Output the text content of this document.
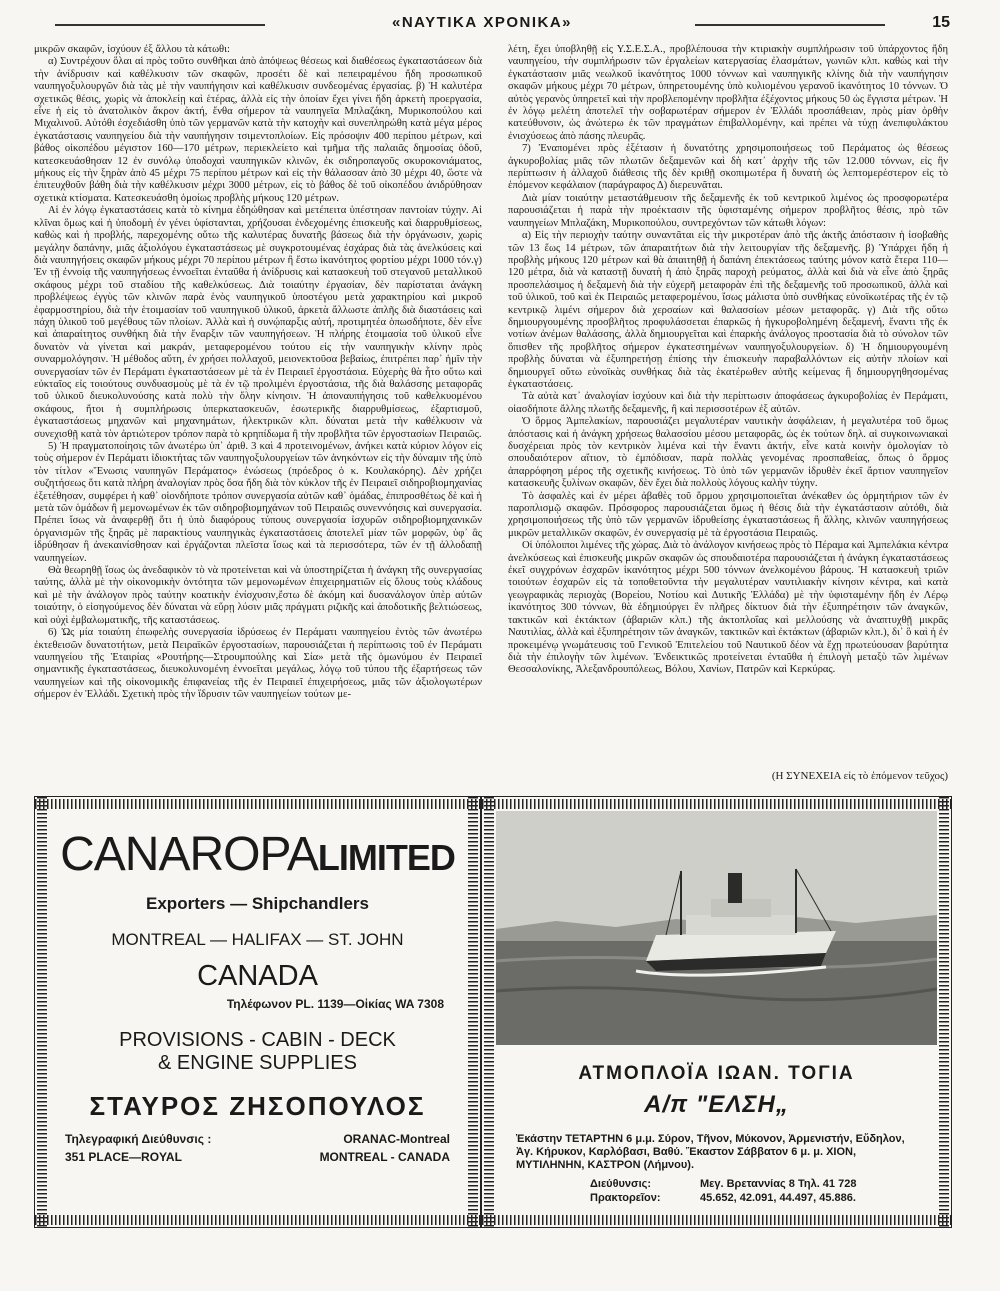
«ΝΑΥΤΙΚΑ ΧΡΟΝΙΚΑ»	15

μικρῶν σκαφῶν, ἰσχύουν ἐξ ἄλλου τὰ κάτωθι:

α) Συντρέχουν ὅλαι αἱ πρὸς τοῦτο συνθῆκαι ἀπὸ ἀπόψεως θέσεως καὶ διαθέσεως ἐγκαταστάσεων διὰ τὴν ἀνίδρυσιν καὶ καθέλκυσιν τῶν σκαφῶν, προσέτι δὲ καὶ πεπειραμένου ἤδη προσωπικοῦ ναυπηγοξυλουργῶν διὰ τὰς μὲ τὴν ναυπήγησιν καὶ καθέλκυσιν συνδεομένας ἐργασίας. β) Ἡ καλυτέρα σχετικῶς θέσις, χωρὶς νὰ ἀποκλείῃ καὶ ἑτέρας, ἀλλὰ εἰς τὴν ὁποίαν ἔχει γίνει ἤδη ἀρκετὴ προεργασία, εἶνε ἡ εἰς τὸ ἀνατολικὸν ἄκρον ἀκτή, ἔνθα σήμερον τὰ ναυπηγεῖα Μπλαζάκη, Μυρικοπούλου καὶ Μιχαλινοῦ. Αὐτόθι ἐσχεδιάσθη ὑπὸ τῶν γερμανῶν κατὰ τὴν κατοχὴν καὶ συνεπληρώθη κατὰ μέγα μέρος ἐγκατάστασις ναυπηγείου διὰ τὴν ναυπήγησιν τσιμεντοπλοίων. Εἰς πρόσοψιν 400 περίπου μέτρων, καὶ βάθος οἰκοπέδου μέγιστον 160—170 μέτρων, περιεκλείετο καὶ τμῆμα τῆς παλαιᾶς δημοσίας ὁδοῦ, κατεσκευάσθησαν 12 ἐν συνόλῳ ὑποδοχαὶ ναυπηγικῶν κλινῶν, ἐκ σιδηροπαγοῦς σκυροκονιάματος, μήκους εἰς τὴν ξηρὰν ἀπὸ 45 μέχρι 75 περίπου μέτρων καὶ εἰς τὴν θάλασσαν ἀπὸ 30 μέχρι 40, ὥστε νὰ ἐπιτευχθοῦν βάθη διὰ τὴν καθέλκυσιν μέχρι 3000 μέτρων, εἰς τὸ βάθος δὲ τοῦ οἰκοπέδου ἀνιδρύθησαν σχετικὰ κτίσματα. Κατεσκευάσθη ὁμοίως προβλὴς μήκους 120 μέτρων.

Αἱ ἐν λόγῳ ἐγκαταστάσεις κατὰ τὸ κίνημα ἐδηώθησαν καὶ μετέπειτα ὑπέστησαν παντοίαν τύχην. Αἱ κλῖναι ὅμως καὶ ἡ ὑποδομὴ ἐν γένει ὑφίστανται, χρήζουσαι ἐνδεχομένης ἐπισκευῆς καὶ διαρρυθμίσεως, καθὼς καὶ ἡ προβλής, παρεχομένης οὕτω τῆς καλυτέρας δυνατῆς βάσεως διὰ τὴν ὀργάνωσιν, χωρὶς μεγάλην δαπάνην, μιᾶς ἀξιολόγου ἐγκαταστάσεως μὲ συγκροτουμένας ἐσχάρας διὰ τὰς ἀνελκύσεις καὶ διὰ ναυπηγήσεις σκαφῶν μήκους μέχρι 70 περίπου μέτρων ἢ ἔστω ἱκανότητος φορτίου μέχρι 1000 τόν.γ) Ἐν τῇ ἐννοίᾳ τῆς ναυπηγήσεως ἐννοεῖται ἐνταῦθα ἡ ἀνίδρυσις καὶ κατασκευὴ τοῦ στεγανοῦ μεταλλικοῦ σκάφους μέχρι τοῦ σταδίου τῆς καθελκύσεως. Διὰ τοιαύτην ἐργασίαν, δὲν παρίσταται ἀνάγκη προβλέψεως ἐγγὺς τῶν κλινῶν παρὰ ἑνὸς ναυπηγικοῦ ὑποστέγου μετὰ χαρακτηρίου καὶ μικροῦ ἐφαρμοστηρίου, διὰ τὴν ἑτοιμασίαν τοῦ ναυπηγικοῦ ὑλικοῦ, ἀρκετὰ ἄλλωστε ἁπλῆς διὰ διαστάσεις καὶ πάχη ὑλικοῦ τοῦ μεγέθους τῶν πλοίων. Ἀλλὰ καὶ ἡ συνῴπαρξις αὐτή, προτιμητέα ὁπωσδήποτε, δὲν εἶνε καὶ ἀπαραίτητος συνθήκη διὰ τὴν ἔναρξιν τῶν ναυπηγήσεων. Ἡ πλήρης ἑτοιμασία τοῦ ὑλικοῦ εἶνε δυνατὸν νὰ γίνεται καὶ μακράν, μεταφερομένου τούτου εἰς τὴν ναυπηγικὴν κλίνην πρὸς συναρμολόγησιν. Ἡ μέθοδος αὕτη, ἐν χρήσει πολλαχοῦ, μειονεκτοῦσα βεβαίως, ἐπιτρέπει παρ᾽ ἡμῖν τὴν συνεργασίαν τῶν ἐν Περάματι ἐγκαταστάσεων μὲ τὰ ἐν Πειραιεῖ ἐργοστάσια. Εὐχερὴς θὰ ἦτο οὕτω καὶ εὐκταῖος εἰς τοιούτους συνδυασμοὺς μὲ τὰ ἐν τῷ προλιμένι ἐργοστάσια, τῆς διὰ θαλάσσης μεταφορᾶς τοῦ ὑλικοῦ διευκολυνούσης κατὰ πολὺ τὴν ὅλην κίνησιν. Ἡ ἀποναυπήγησις τοῦ καθελκυομένου σκάφους, ἤτοι ἡ συμπλήρωσις ὑπερκατασκευῶν, ἐσωτερικῆς διαρρυθμίσεως, ἐξαρτισμοῦ, ἐγκαταστάσεως μηχανῶν καὶ μηχανημάτων, ἠλεκτρικῶν κλπ. δύναται μετὰ τὴν καθέλκυσιν νὰ συνεχισθῇ κατὰ τὸν ἀρτιώτερον τρόπον παρὰ τὸ κρηπίδωμα ἢ τὴν προβλῆτα τῶν ἐργοστασίων Πειραιῶς.

5) Ἡ πραγματοποίησις τῶν ἀνωτέρω ὑπ᾽ ἀριθ. 3 καὶ 4 προτεινομένων, ἀνήκει κατὰ κύριον λόγον εἰς τοὺς σήμερον ἐν Περάματι ἰδιοκτήτας τῶν ναυπηγοξυλουργείων τῶν ἀνηκόντων εἰς τὴν δύναμιν τῆς ὑπὸ τὸν τίτλον «Ἕνωσις ναυπηγῶν Περάματος» ἑνώσεως (πρόεδρος ὁ κ. Κουλακόρης). Δὲν χρήζει συζητήσεως ὅτι κατὰ πλήρη ἀναλογίαν πρὸς ὅσα ἤδη διὰ τὸν κύκλον τῆς ἐν Πειραιεῖ σιδηροβιομηχανίας ἐξετέθησαν, συμφέρει ἡ καθ᾽ οἱονδήποτε τρόπον συνεργασία αὐτῶν καθ᾽ ὁμάδας, ἐπιπροσθέτως δὲ καὶ ἡ μετὰ τῶν ὁμάδων ἢ μεμονωμένων ἐκ τῶν σιδηροβιομηχάνων τοῦ Πειραιῶς συνεννόησις καὶ συνεργασία. Πρέπει ἴσως νὰ ἀναφερθῇ ὅτι ἡ ὑπὸ διαφόρους τύπους συνεργασία ἰσχυρῶν σιδηροβιομηχανικῶν ὀργανισμῶν τῆς ξηρᾶς μὲ παρακτίους ναυπηγικὰς ἐγκαταστάσεις ἀποτελεῖ μίαν τῶν μορφῶν, ὑφ᾽ ἃς ἱδρύθησαν ἢ ἀνεκαινίσθησαν καὶ ἐργάζονται πλεῖστα ἴσως καὶ τὰ περισσότερα, τῶν ἐν τῇ ἀλλοδαπῇ ναυπηγείων.

Θὰ θεωρηθῇ ἴσως ὡς ἀνεδαφικὸν τὸ νὰ προτείνεται καὶ νὰ ὑποστηρίζεται ἡ ἀνάγκη τῆς συνεργασίας ταύτης, ἀλλὰ μὲ τὴν οἰκονομικὴν ὀντότητα τῶν μεμονωμένων ἐπιχειρηματιῶν εἰς ὅλους τοὺς κλάδους καὶ μὲ τὴν ἀνάλογον πρὸς ταύτην κοατικὴν ἐνίσχυσιν,ἔστω δὲ ἀκόμη καὶ δυσανάλογον ὑπὲρ αὐτῶν τοιαύτην, ὁ εἰσηγούμενος δὲν δύναται νὰ εὕρῃ λύσιν μιᾶς πράγματι ριζικῆς καὶ ἀποδοτικῆς βελτιώσεως, καὶ οὐχὶ ἐμβαλωματικῆς, τῆς καταστάσεως.

6) Ὡς μία τοιαύτη ἐπωφελὴς συνεργασία ἱδρύσεως ἐν Περάματι ναυπηγείου ἐντὸς τῶν ἀνωτέρω ἐκτεθεισῶν δυνατοτήτων, μετὰ Πειραϊκῶν ἐργοστασίων, παρουσιάζεται ἡ περίπτωσις τοῦ ἐν Περάματι ναυπηγείου τῆς Ἑταιρίας «Ρουτήρης—Στρουμπούλης καὶ Σία» μετὰ τῆς ὁμωνύμου ἐν Πειραιεῖ σημαντικῆς ἐγκαταστάσεως, διευκολυνομένη ἐννοεῖται μεγάλως, λόγῳ τοῦ τύπου τῆς ἐξαρτήσεως τῶν ναυπηγείων καὶ τῆς οἰκονομικῆς ἐπιφανείας τῆς ἐν Πειραιεῖ ἐπιχειρήσεως, μιᾶς τῶν ἀξιολογωτέρων σήμερον ἐν Ἑλλάδι. Σχετικὴ πρὸς τὴν ἵδρυσιν τῶν ναυπηγείων τούτων με-

λέτη, ἔχει ὑποβληθῇ εἰς Υ.Σ.Ε.Σ.Α., προβλέπουσα τὴν κτιριακὴν συμπλήρωσιν τοῦ ὑπάρχοντος ἤδη ναυπηγείου, τὴν συμπλήρωσιν τῶν ἐργαλείων κατεργασίας ἐλασμάτων, γωνιῶν κλπ. καθὼς καὶ τὴν ἐγκατάστασιν μιᾶς νεωλκοῦ ἱκανότητος 1000 τόννων καὶ ναυπηγικῆς κλίνης διὰ τὴν ναυπήγησιν σκαφῶν μήκους μέχρι 70 μέτρων, ὑπηρετουμένης ὑπὸ κυλιομένου γερανοῦ ἱκανότητος 10 τόννων. Ὁ αὐτὸς γερανὸς ὑπηρετεῖ καὶ τὴν προβλεπομένην προβλῆτα ἐξέχοντος μήκους 50 ὡς ἔγγιστα μέτρων. Ἡ ἐν λόγῳ μελέτη ἀποτελεῖ τὴν σοβαρωτέραν σήμερον ἐν Ἑλλάδι προσπάθειαν, πρὸς μίαν ὀρθὴν κατεύθυνσιν, ὡς ἀνώτερω ἐκ τῶν πραγμάτων ἐπιβαλλομένην, καὶ πρέπει νὰ τύχῃ ἀνεπιφυλάκτου ἐνισχύσεως ἀπὸ πάσης πλευρᾶς.

7) Ἐναπομένει πρὸς ἐξέτασιν ἡ δυνατότης χρησιμοποιήσεως τοῦ Περάματος ὡς θέσεως ἀγκυροβολίας μιᾶς τῶν πλωτῶν δεξαμενῶν καὶ δὴ κατ᾽ ἀρχὴν τῆς τῶν 12.000 τόννων, εἰς ἣν περίπτωσιν ἡ ἀλλαχοῦ διάθεσις τῆς δὲν κριθῇ σκοπιμωτέρα ἢ δυνατὴ ὡς λεπτομερέστερον εἰς τὸ ἑπόμενον κεφάλαιον (παράγραφος Δ) διερευνᾶται.

Διὰ μίαν τοιαύτην μεταστάθμευσιν τῆς δεξαμενῆς ἐκ τοῦ κεντρικοῦ λιμένος ὡς προσφορωτέρα παρουσιάζεται ἡ παρὰ τὴν προέκτασιν τῆς ὑφισταμένης σήμερον προβλῆτος θέσις, πρὸ τῶν ναυπηγείων Μπλαζάκη, Μυρικοπούλου, συντρεχόντων τῶν κάτωθι λόγων:

α) Εἰς τὴν περιοχὴν ταύτην συναντᾶται εἰς τὴν μικροτέραν ἀπὸ τῆς ἀκτῆς ἀπόστασιν ἡ ἰσοβαθὴς τῶν 13 ἕως 14 μέτρων, τῶν ἀπαραιτήτων διὰ τὴν λειτουργίαν τῆς δεξαμενῆς. β) Ὑπάρχει ἤδη ἡ προβλὴς μήκους 120 μέτρων καὶ θὰ ἀπαιτηθῇ ἡ δαπάνη ἐπεκτάσεως ταύτης μόνον κατὰ ἕτερα 110—120 μέτρα, διὰ νὰ καταστῇ δυνατὴ ἡ ἀπὸ ξηρᾶς παροχὴ ρεύματος, ἀλλὰ καὶ διὰ νὰ εἶνε ἀπὸ ξηρᾶς προσπελάσιμος ἡ δεξαμενὴ διὰ τὴν εὐχερῆ μεταφορὰν ἐπὶ τῆς δεξαμενῆς τοῦ προσωπικοῦ, ἀλλὰ καὶ τοῦ ὑλικοῦ, τοῦ καὶ ἐκ Πειραιῶς μεταφερομένου, ἴσως μάλιστα ὑπὸ συνθήκας εὐνοϊκωτέρας τῆς ἐν τῷ κεντρικῷ λιμένι σήμερον διὰ χερσαίων καὶ θαλασσίων μέσων μεταφορᾶς. γ) Διὰ τῆς οὕτω δημιουργουμένης προσβλῆτος προφυλάσσεται ἐπαρκῶς ἡ ἠγκυροβολημένη δεξαμενή, ἔναντι τῆς ἐκ νοτίων ἀνέμων θαλάσσης, ἀλλὰ δημιουργεῖται καὶ ἐπαρκὴς ἀνάλογος προστασία διὰ τὸ σύνολον τῶν ὅπισθεν τῆς προβλῆτος σήμερον ἐγκατεστημένων ναυπηγοξυλουργείων. δ) Ἡ δημιουργουμένη προβλὴς δύναται νὰ ἐξυπηρετήσῃ ἐπίσης τὴν ἐπισκευὴν παραβαλλόντων εἰς αὐτὴν πλοίων καὶ δημιουργεῖ οὕτω εὐνοϊκὰς συνθήκας διὰ τὰς ἑκατέρωθεν αὐτῆς κείμενας ἢ δημιουργηθησομένας ἐγκαταστάσεις.

Τὰ αὐτὰ κατ᾽ ἀναλογίαν ἰσχύουν καὶ διὰ τὴν περίπτωσιν ἀποφάσεως ἀγκυροβολίας ἐν Περάματι, οἱασδήποτε ἄλλης πλωτῆς δεξαμενῆς, ἢ καὶ περισσοτέρων ἐξ αὐτῶν.

Ὁ ὅρμος Ἀμπελακίων, παρουσιάζει μεγαλυτέραν ναυτικὴν ἀσφάλειαν, ἡ μεγαλυτέρα τοῦ ὅμως ἀπόστασις καὶ ἡ ἀνάγκη χρήσεως θαλασσίου μέσου μεταφορᾶς, ὡς ἐκ τούτων δηλ. αἱ συγκοινωνιακαὶ δυσχέρειαι πρὸς τὸν κεντρικὸν λιμένα καὶ τὴν ἔναντι ἀκτήν, εἶνε κατὰ κοινὴν ὁμολογίαν τὸ σπουδαιότερον αἴτιον, τὸ ἐμπόδισαν, παρὰ πολλὰς γενομένας προσπαθείας, ὅπως ὁ ὅρμος ἀπαρρόφηση μέρος τῆς σχετικῆς κινήσεως. Τὸ ὑπὸ τῶν γερμανῶν ἱδρυθὲν ἐκεῖ ἄρτιον ναυπηγεῖον κατασκευῆς ξυλίνων σκαφῶν, δὲν ἔχει διὰ πολλοὺς λόγους καλὴν τύχην.

Τὸ ἀσφαλὲς καὶ ἐν μέρει ἀβαθὲς τοῦ ὅρμου χρησιμοποιεῖται ἀνέκαθεν ὡς ὁρμητήριον τῶν ἐν παροπλισμῷ σκαφῶν. Πρόσφορος παρουσιάζεται ὅμως ἡ θέσις διὰ τὴν ἐγκατάστασιν αὐτόθι, διὰ χρησιμοποιήσεως τῆς ὑπὸ τῶν γερμανῶν ἱδρυθείσης ἐγκαταστάσεως ἢ ἄλλης, κλινῶν ναυπηγήσεως μικρῶν μεταλλικῶν σκαφῶν, ἐν συνεργασίᾳ μὲ τὰ ἐργοστάσια Πειραιῶς.

Οἱ ὑπόλοιποι λιμένες τῆς χώρας. Διὰ τὸ ἀνάλογον κινήσεως πρὸς τὸ Πέραμα καὶ Ἀμπελάκια κέντρα ἀνελκύσεως καὶ ἐπισκευῆς μικρῶν σκαφῶν ὡς σπουδαιοτέρα παρουσιάζεται ἡ ἀνάγκη ἐγκαταστάσεως ἐκεῖ συγχρόνων ἐσχαρῶν ἱκανότητος μέχρι 500 τόννων ἀνελκομένου βάρους. Ἡ κατασκευὴ τριῶν τοιούτων ἐσχαρῶν εἰς τὰ τοποθετοῦντα τὴν μεγαλυτέραν ναυτιλιακὴν κίνησιν κέντρα, καὶ κατὰ γεωγραφικὰς περιοχὰς (Βορείου, Νοτίου καὶ Δυτικῆς Ἑλλάδα) μὲ τὴν ὑφισταμένην ἤδη ἐν Λέρῳ ἱκανότητος 300 τόννων, θὰ ἐδημιούργει ἓν πλῆρες δίκτυον διὰ τὴν ἐξυπηρέτησιν τῶν ἀναγκῶν, τακτικῶν καὶ ἐκτάκτων (ἀβαριῶν κλπ.) τῆς ἀκτοπλοΐας καὶ μελλούσης νὰ ἀναπτυχθῇ μικρᾶς Ναυτιλίας, ἀλλὰ καὶ ἐξυπηρέτησιν τῶν ἀναγκῶν, τακτικῶν καὶ ἐκτάκτων (ἀβαριῶν κλπ.), δι᾽ ὃ καὶ ἡ ἐν προκειμένῳ γνωμάτευσις τοῦ Γενικοῦ Ἐπιτελείου τοῦ Ναυτικοῦ δέον νὰ ἔχῃ πρωτεύουσαν βαρύτητα διὰ τὴν ἐπιλογὴν τῶν λιμένων. Ἐνδεικτικῶς προτείνεται ἐνταῦθα ἡ ἐπιλογὴ μεταξὺ τῶν λιμένων Θεσσαλονίκης, Ἀλεξανδρουπόλεως, Βόλου, Χανίων, Πατρῶν καὶ Κερκύρας.

(Η ΣΥΝΕΧΕΙΑ εἰς τὸ ἑπόμενον τεῦχος)
CANAROPALIMITED
Exporters — Shipchandlers
MONTREAL — HALIFAX — ST. JOHN
CANADA
Τηλέφωνον PL. 1139—Οἰκίας WA 7308
PROVISIONS - CABIN - DECK
& ENGINE SUPPLIES
ΣΤΑΥΡΟΣ ΖΗΣΟΠΟΥΛΟΣ
Τηλεγραφική Διεύθυνσις :	ORANAC-Montreal
351 PLACE—ROYAL	MONTREAL - CANADA
ΑΤΜΟΠΛΟΪΑ ΙΩΑΝ. ΤΟΓΙΑ
Α/π "ΕΛΣΗ„
Ἑκάστην ΤΕΤΑΡΤΗΝ 6 μ.μ. Σύρον, Τῆνον, Μύκονον, Ἀρμενιστήν, Εὔδηλον, Ἀγ. Κήρυκον, Καρλόβασι, Βαθύ. Ἕκαστον Σάββατον 6 μ. μ. ΧΙΟΝ, ΜΥΤΙΛΗΝΗΝ, ΚΑΣΤΡΟΝ (Λήμνου).
Διεύθυνσις:	Μεγ. Βρεταννίας 8 Τηλ. 41 728
Πρακτορεῖον:	45.652, 42.091, 44.497, 45.886.
